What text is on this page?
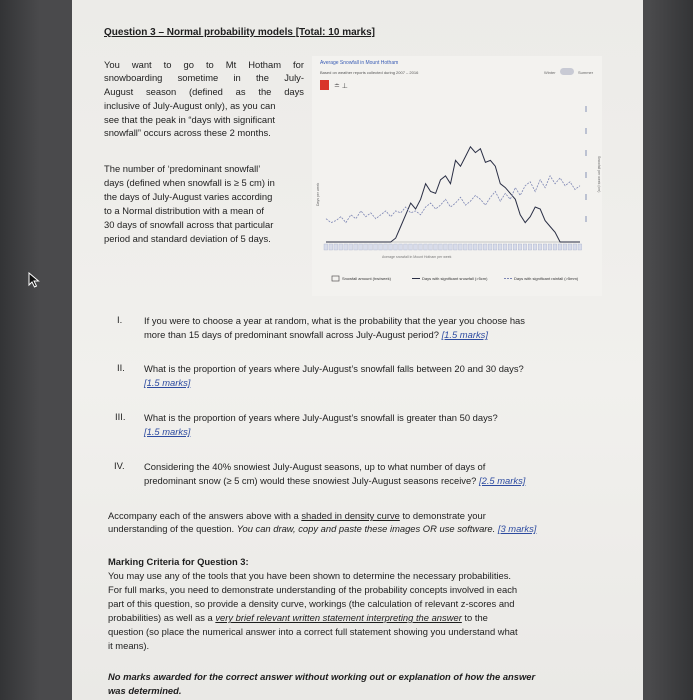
Question 3 – Normal probability models [Total: 10 marks]
You want to go to Mt Hotham for
snowboarding sometime in the July-
August season (defined as the days
inclusive of July-August only), as you can
see that the peak in “days with significant
snowfall” occurs across these 2 months.
The number of ‘predominant snowfall’
days (defined when snowfall is ≥ 5 cm) in
the days of July-August varies according
to a Normal distribution with a mean of
30 days of snowfall across that particular
period and standard deviation of 5 days.
I. If you were to choose a year at random, what is the probability that the year you choose has
more than 15 days of predominant snowfall across July-August period? [1.5 marks]
II. What is the proportion of years where July-August’s snowfall falls between 20 and 30 days?
[1.5 marks]
III. What is the proportion of years where July-August’s snowfall is greater than 50 days?
[1.5 marks]
IV. Considering the 40% snowiest July-August seasons, up to what number of days of
predominant snow (≥ 5 cm) would these snowiest July-August seasons receive? [2.5 marks]
Accompany each of the answers above with a shaded in density curve to demonstrate your
understanding of the question. You can draw, copy and paste these images OR use software. [3 marks]
Marking Criteria for Question 3:
You may use any of the tools that you have been shown to determine the necessary probabilities.
For full marks, you need to demonstrate understanding of the probability concepts involved in each
part of this question, so provide a density curve, workings (the calculation of relevant z-scores and
probabilities) as well as a very brief relevant written statement interpreting the answer to the
question (so place the numerical answer into a correct full statement showing you understand what
it means).
No marks awarded for the correct answer without working out or explanation of how the answer
was determined.
Average Snowfall in Mount Hotham
Based on weather reports collected during 2007 – 2016
≐ ⊥
Winter	Summer
Days per week
Snowfall per week (cm)
Average snowfall in Mount Hotham per week
Snowfall amount (hw/week)	Days with significant snowfall (>5cm)	Days with significant rainfall (>5mm)
